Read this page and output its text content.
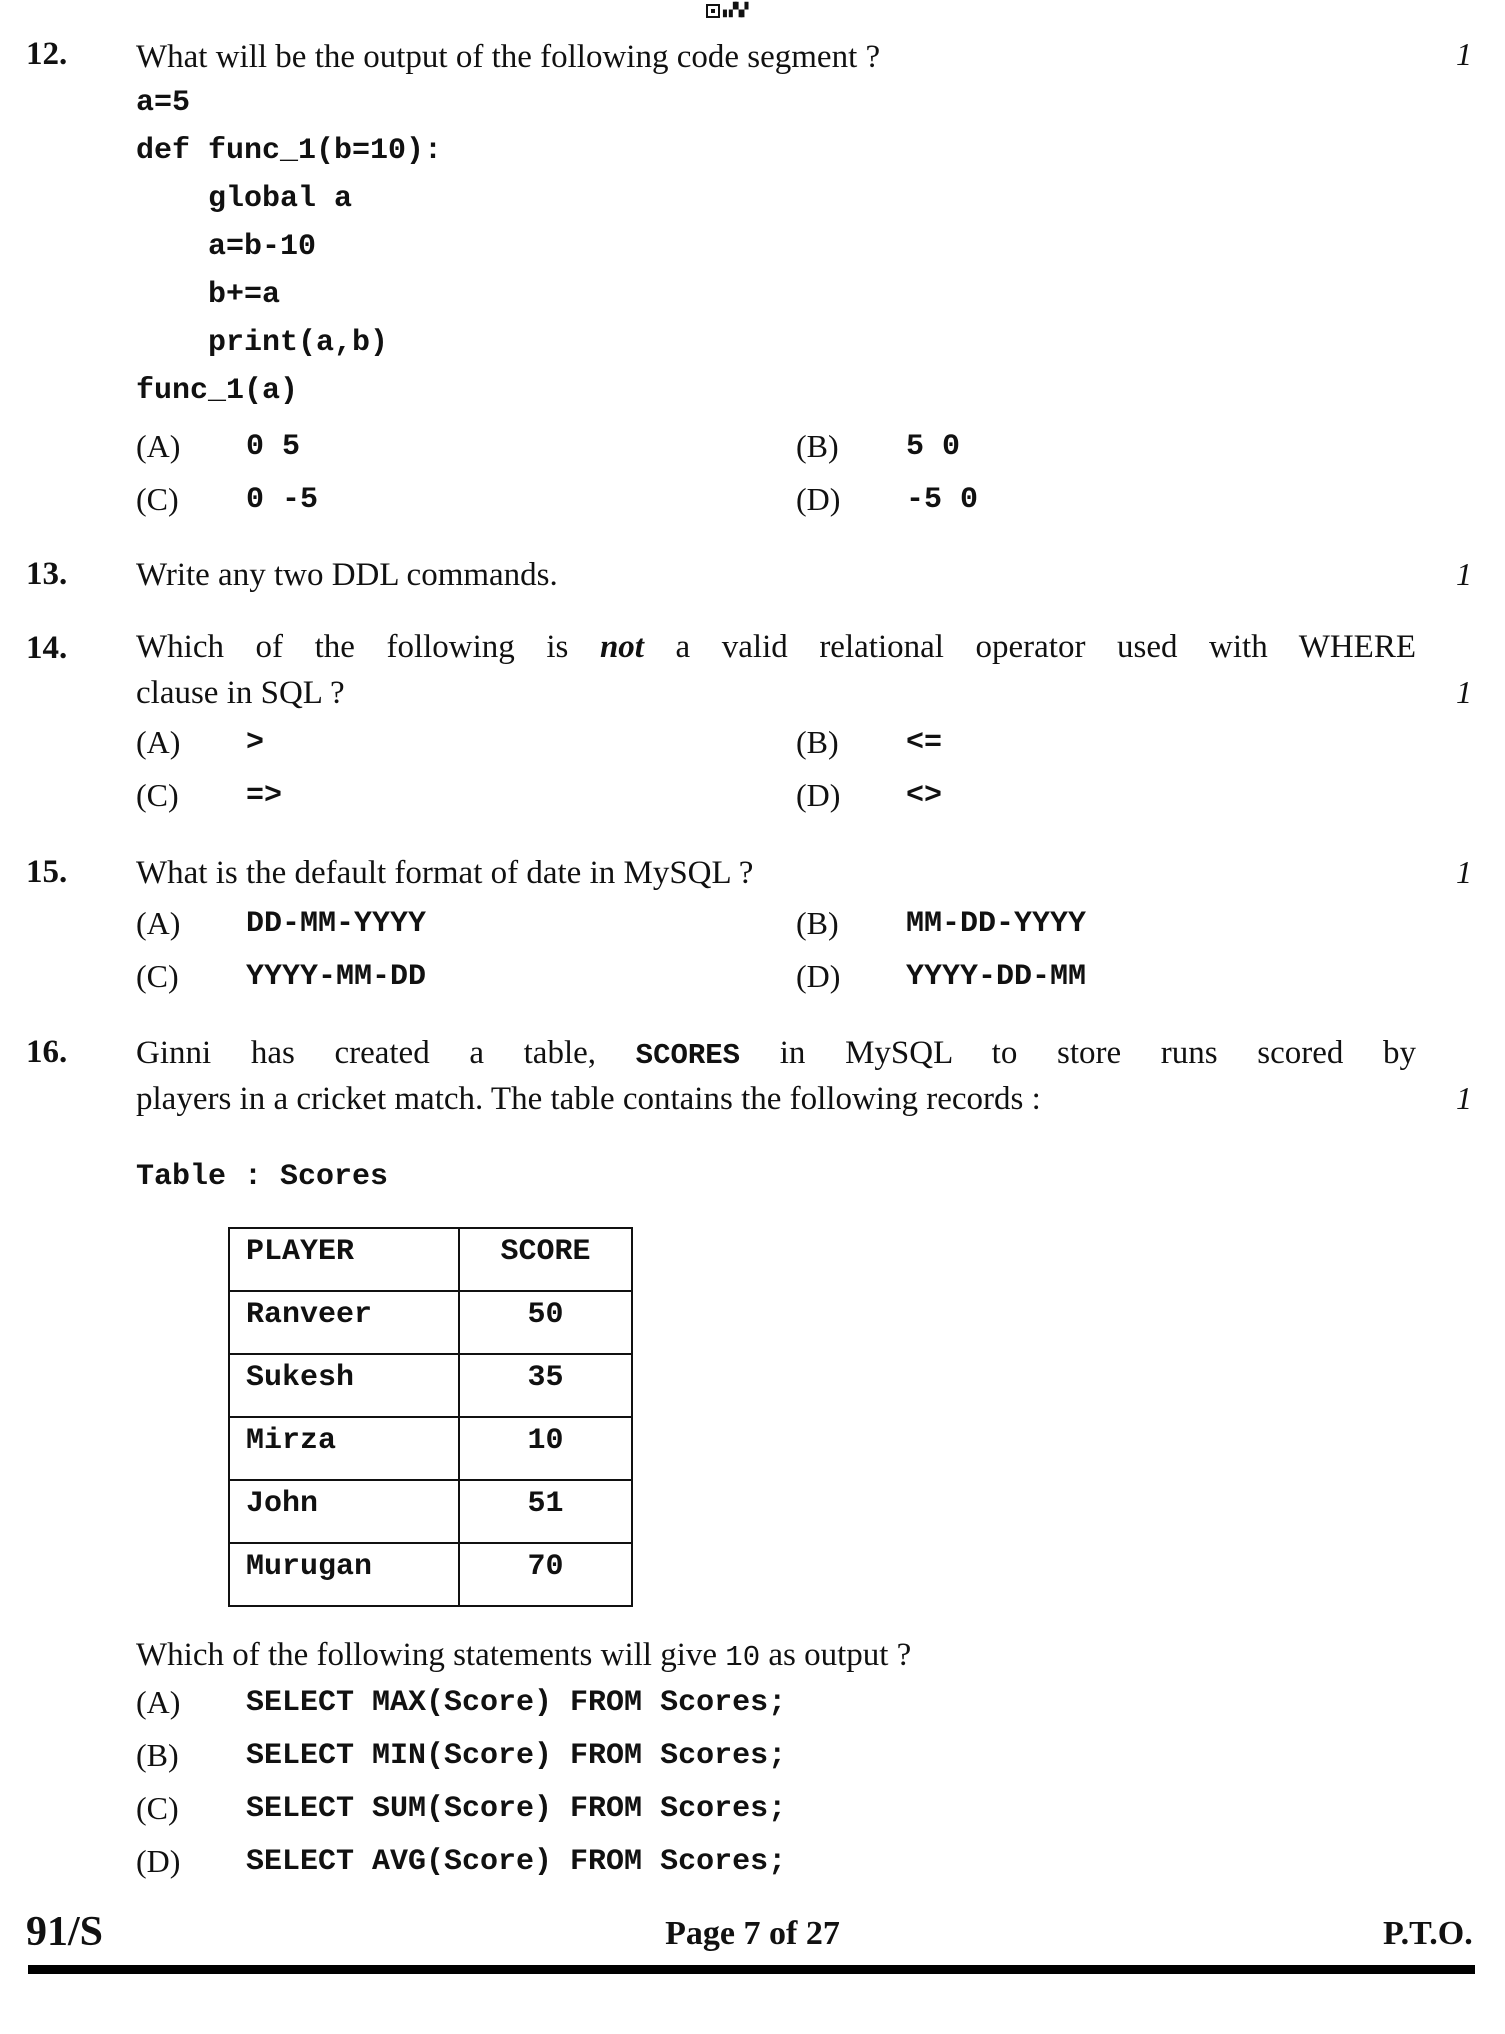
▖▞▚▞
12. What will be the output of the following code segment ?	1
a=5
def func_1(b=10):
global a
a=b-10
b+=a
print(a,b)
func_1(a)
(A) 0 5	(B) 5 0
(C) 0 -5	(D) -5 0
13. Write any two DDL commands.	1
14. Which of the following is not a valid relational operator used with WHERE
clause in SQL ?	1
(A) >	(B) <=
(C) =>	(D) <>
15. What is the default format of date in MySQL ?	1
(A) DD-MM-YYYY	(B) MM-DD-YYYY
(C) YYYY-MM-DD	(D) YYYY-DD-MM
16. Ginni has created a table, SCORES in MySQL to store runs scored by
players in a cricket match. The table contains the following records :	1
Table : Scores
PLAYER	SCORE
Ranveer	50
Sukesh	35
Mirza	10
John	51
Murugan	70
Which of the following statements will give 10 as output ?
(A) SELECT MAX(Score) FROM Scores;
(B) SELECT MIN(Score) FROM Scores;
(C) SELECT SUM(Score) FROM Scores;
(D) SELECT AVG(Score) FROM Scores;
91/S	Page 7 of 27	P.T.O.
